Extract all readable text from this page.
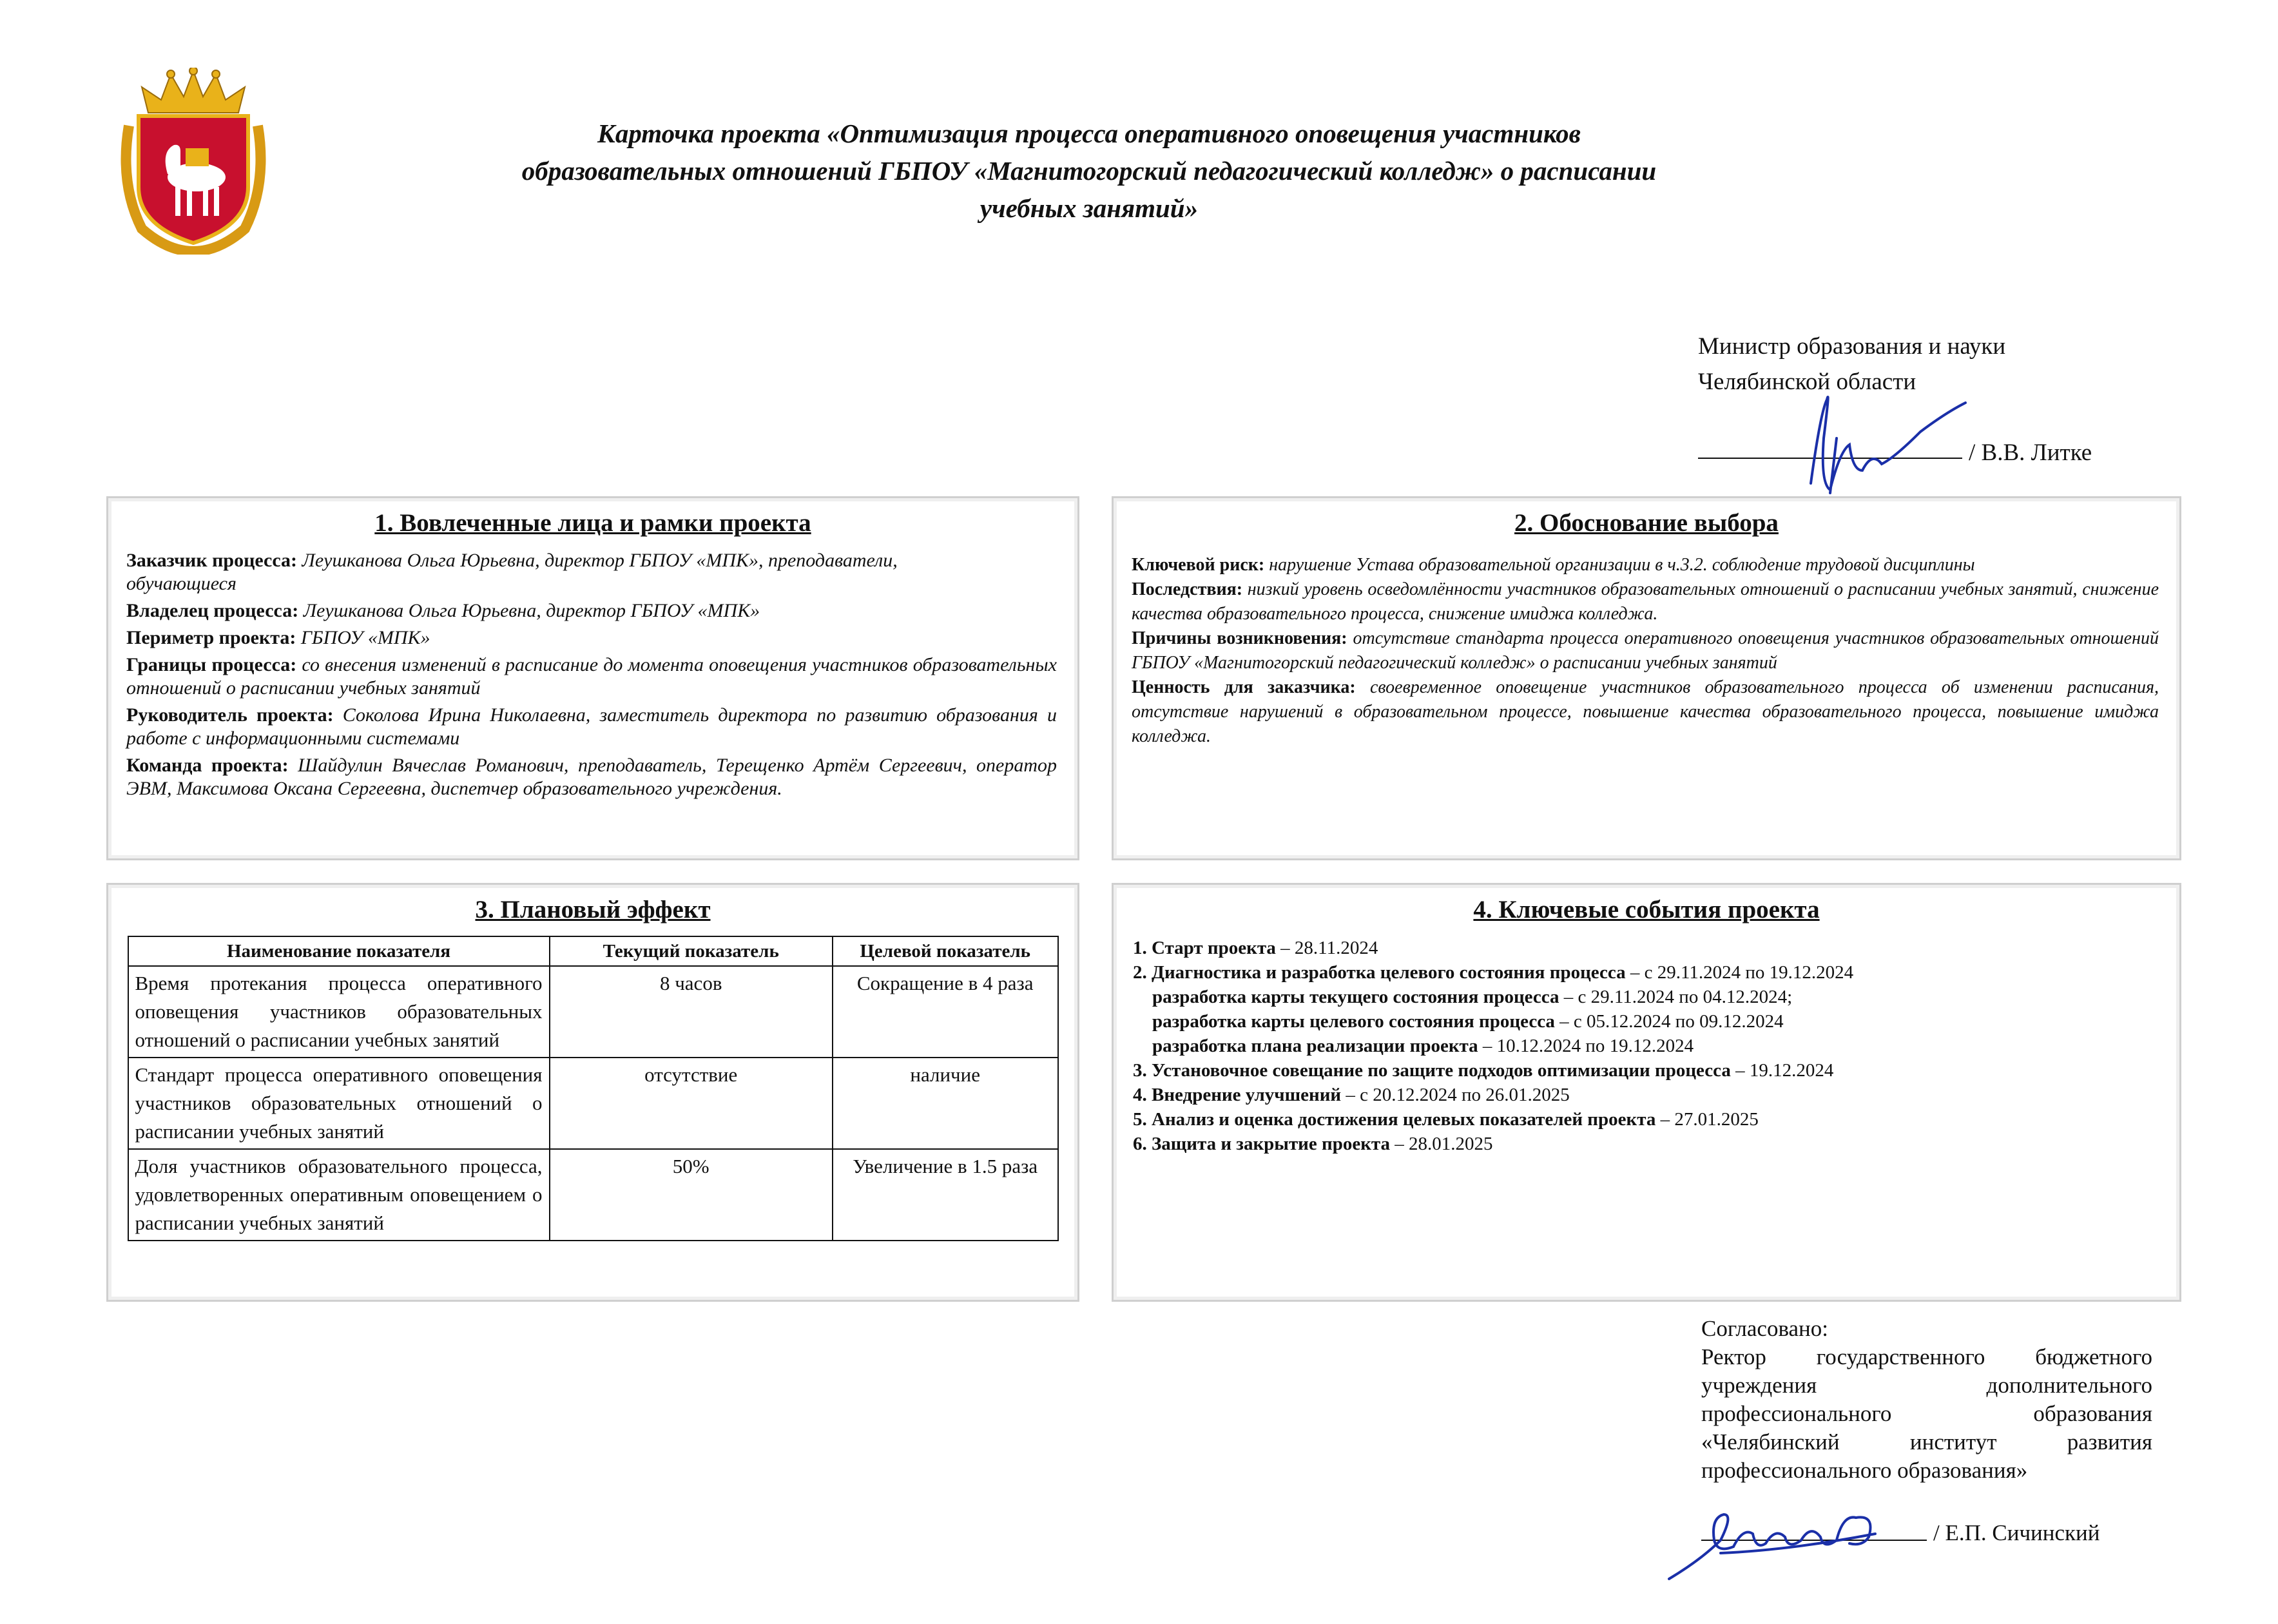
Карточка проекта «Оптимизация процесса оперативного оповещения участников
образовательных отношений ГБПОУ «Магнитогорский педагогический колледж» о расписании
учебных занятий»
Министр образования и науки
Челябинской области
/ В.В. Литке
1. Вовлеченные лица и рамки проекта

Заказчик процесса: Леушканова Ольга Юрьевна, директор ГБПОУ «МПК», преподаватели,
обучающиеся

Владелец процесса: Леушканова Ольга Юрьевна, директор ГБПОУ «МПК»

Периметр проекта: ГБПОУ «МПК»

Границы процесса: со внесения изменений в расписание до момента оповещения участников образовательных отношений о расписании учебных занятий

Руководитель проекта: Соколова Ирина Николаевна, заместитель директора по развитию образования и работе с информационными системами

Команда проекта: Шайдулин Вячеслав Романович, преподаватель, Терещенко Артём Сергеевич, оператор ЭВМ, Максимова Оксана Сергеевна, диспетчер образовательного учреждения.

2. Обоснование выбора

Ключевой риск: нарушение Устава образовательной организации в ч.3.2. соблюдение трудовой дисциплины

Последствия: низкий уровень осведомлённости участников образовательных отношений о расписании учебных занятий, снижение качества образовательного процесса, снижение имиджа колледжа.

Причины возникновения: отсутствие стандарта процесса оперативного оповещения участников образовательных отношений ГБПОУ «Магнитогорский педагогический колледж» о расписании учебных занятий

Ценность для заказчика: своевременное оповещение участников образовательного процесса об изменении расписания, отсутствие нарушений в образовательном процессе, повышение качества образовательного процесса, повышение имиджа колледжа.

3. Плановый эффект
Наименование показателя	Текущий показатель	Целевой показатель
Время протекания процесса оперативного оповещения участников образовательных отношений о расписании учебных занятий	8 часов	Сокращение в 4 раза
Стандарт процесса оперативного оповещения участников образовательных отношений о расписании учебных занятий	отсутствие	наличие
Доля участников образовательного процесса, удовлетворенных оперативным оповещением о расписании учебных занятий	50%	Увеличение в 1.5 раза
4. Ключевые события проекта

1. Старт проекта – 28.11.2024

2. Диагностика и разработка целевого состояния процесса – с 29.11.2024 по 19.12.2024

разработка карты текущего состояния процесса – с 29.11.2024 по 04.12.2024;

разработка карты целевого состояния процесса – с 05.12.2024 по 09.12.2024

разработка плана реализации проекта – 10.12.2024 по 19.12.2024

3. Установочное совещание по защите подходов оптимизации процесса – 19.12.2024

4. Внедрение улучшений – с 20.12.2024 по 26.01.2025

5. Анализ и оценка достижения целевых показателей проекта – 27.01.2025

6. Защита и закрытие проекта – 28.01.2025

Согласовано:
Ректор государственного бюджетного учреждения дополнительного профессионального образования «Челябинский институт развития профессионального образования»
/ Е.П. Сичинский
